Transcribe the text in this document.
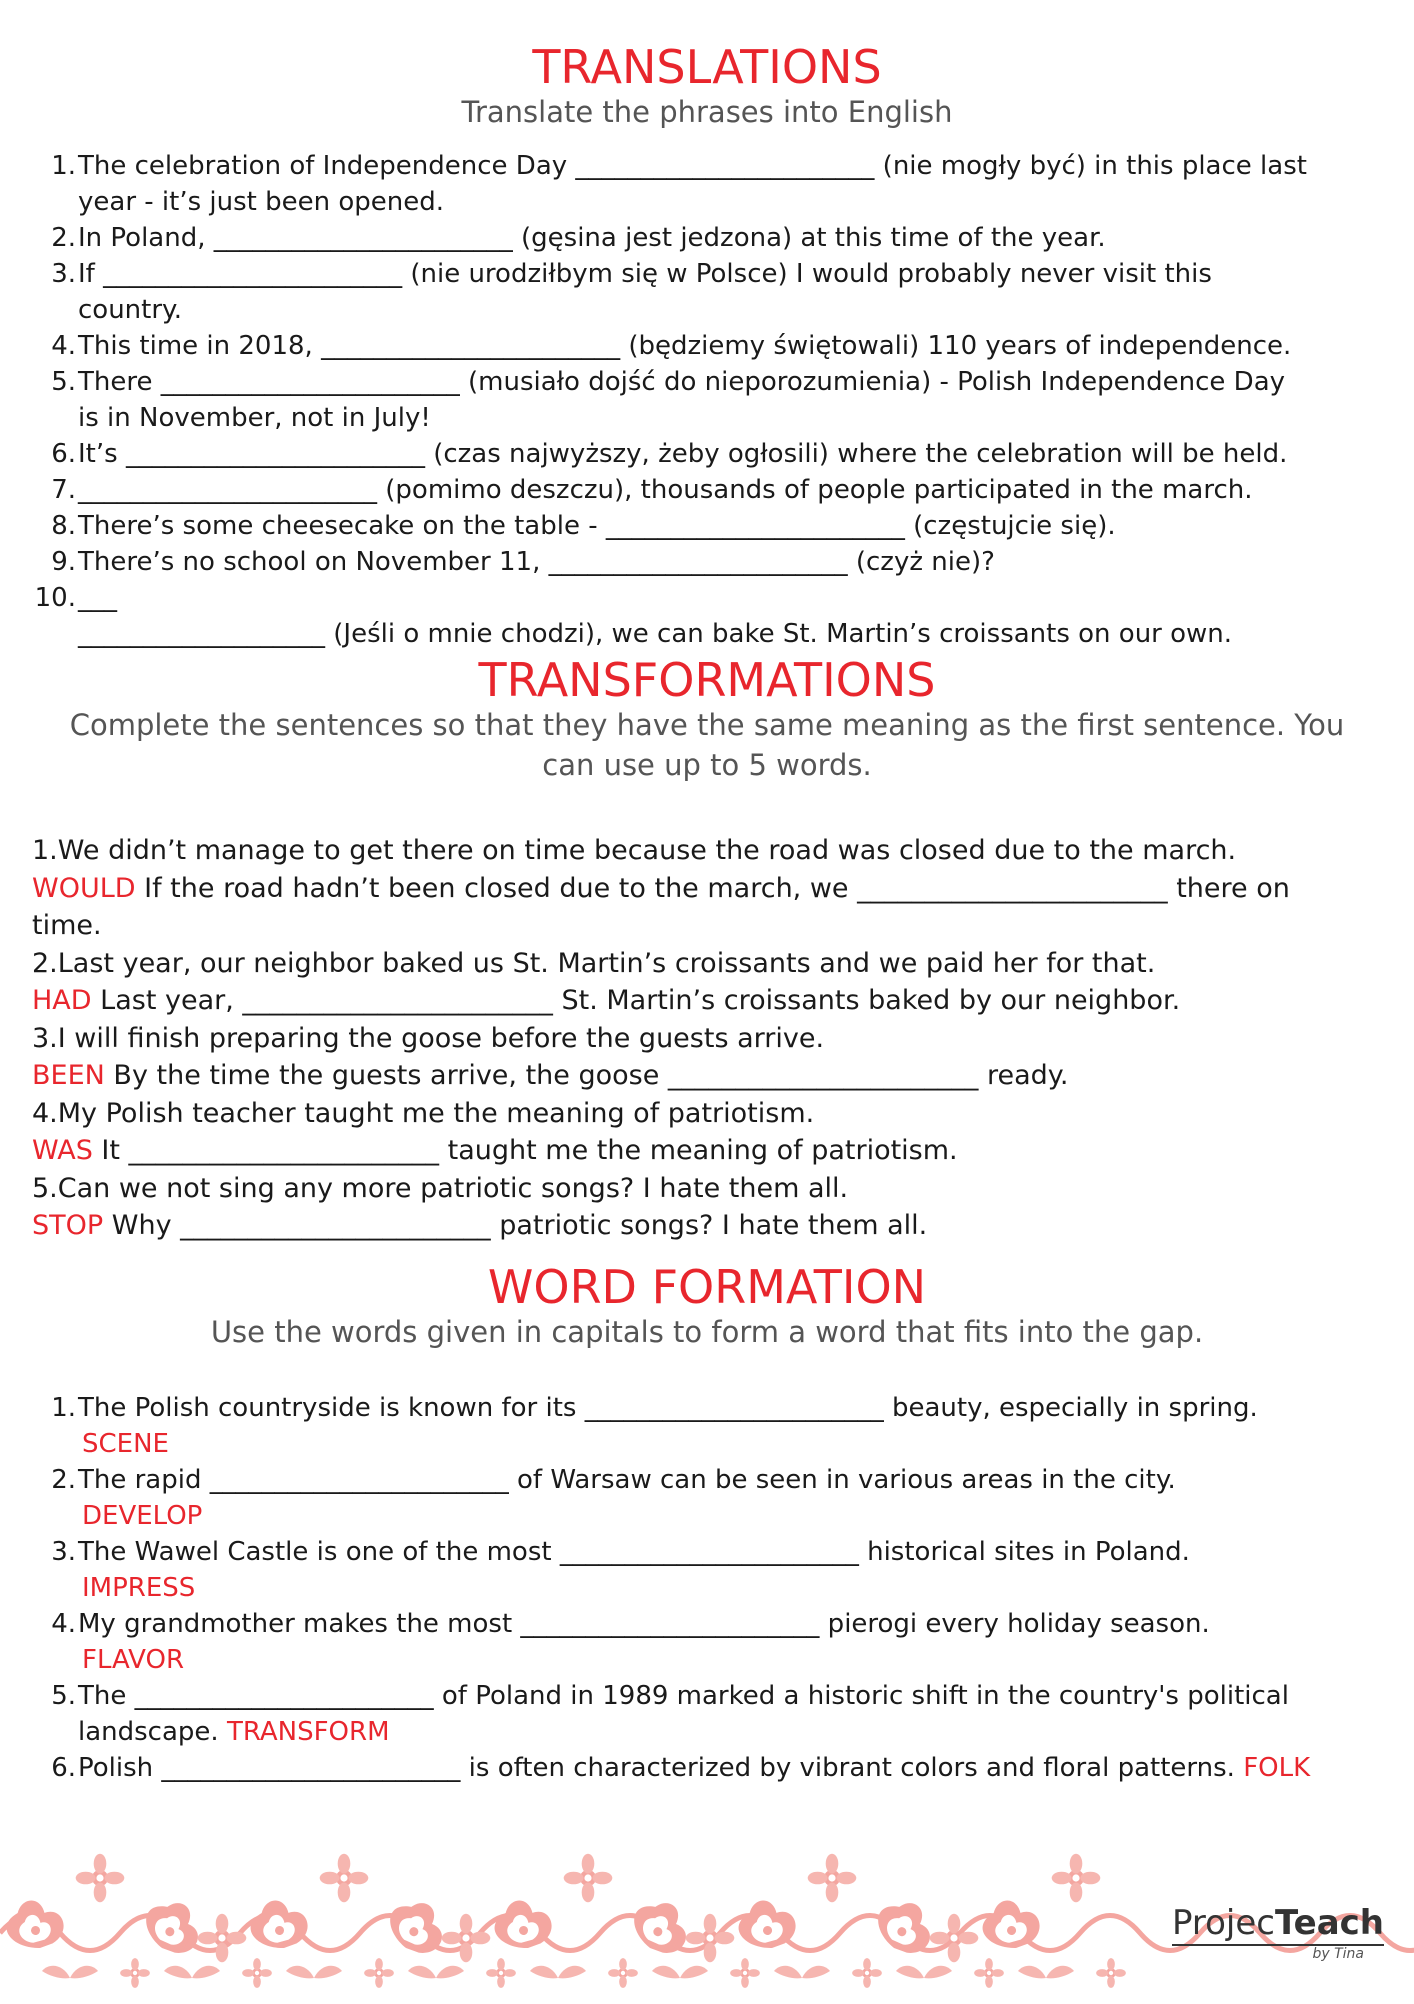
TRANSLATIONS
Translate the phrases into English
1. The celebration of Independence Day _______________________ (nie mogły być) in this place last
year - it’s just been opened.
2. In Poland, _______________________ (gęsina jest jedzona) at this time of the year.
3. If _______________________ (nie urodziłbym się w Polsce) I would probably never visit this
country.
4. This time in 2018, _______________________ (będziemy świętowali) 110 years of independence.
5. There _______________________ (musiało dojść do nieporozumienia) - Polish Independence Day
is in November, not in July!
6. It’s _______________________ (czas najwyższy, żeby ogłosili) where the celebration will be held.
7. _______________________ (pomimo deszczu), thousands of people participated in the march.
8. There’s some cheesecake on the table - _______________________ (częstujcie się).
9. There’s no school on November 11, _______________________ (czyż nie)?
10. ___
___________________ (Jeśli o mnie chodzi), we can bake St. Martin’s croissants on our own.
TRANSFORMATIONS
Complete the sentences so that they have the same meaning as the first sentence. You
can use up to 5 words.

1.We didn’t manage to get there on time because the road was closed due to the march.

WOULD If the road hadn’t been closed due to the march, we _______________________ there on

time.

2.Last year, our neighbor baked us St. Martin’s croissants and we paid her for that.

HAD Last year, _______________________ St. Martin’s croissants baked by our neighbor.

3.I will finish preparing the goose before the guests arrive.

BEEN By the time the guests arrive, the goose _______________________ ready.

4.My Polish teacher taught me the meaning of patriotism.

WAS It _______________________ taught me the meaning of patriotism.

5.Can we not sing any more patriotic songs? I hate them all.

STOP Why _______________________ patriotic songs? I hate them all.

WORD FORMATION
Use the words given in capitals to form a word that fits into the gap.
1. The Polish countryside is known for its _______________________ beauty, especially in spring.
SCENE
2. The rapid _______________________ of Warsaw can be seen in various areas in the city.
DEVELOP
3. The Wawel Castle is one of the most _______________________ historical sites in Poland.
IMPRESS
4. My grandmother makes the most _______________________ pierogi every holiday season.
FLAVOR
5. The _______________________ of Poland in 1989 marked a historic shift in the country's political
landscape. TRANSFORM
6. Polish _______________________ is often characterized by vibrant colors and floral patterns. FOLK
ProjecTeach
by Tina
